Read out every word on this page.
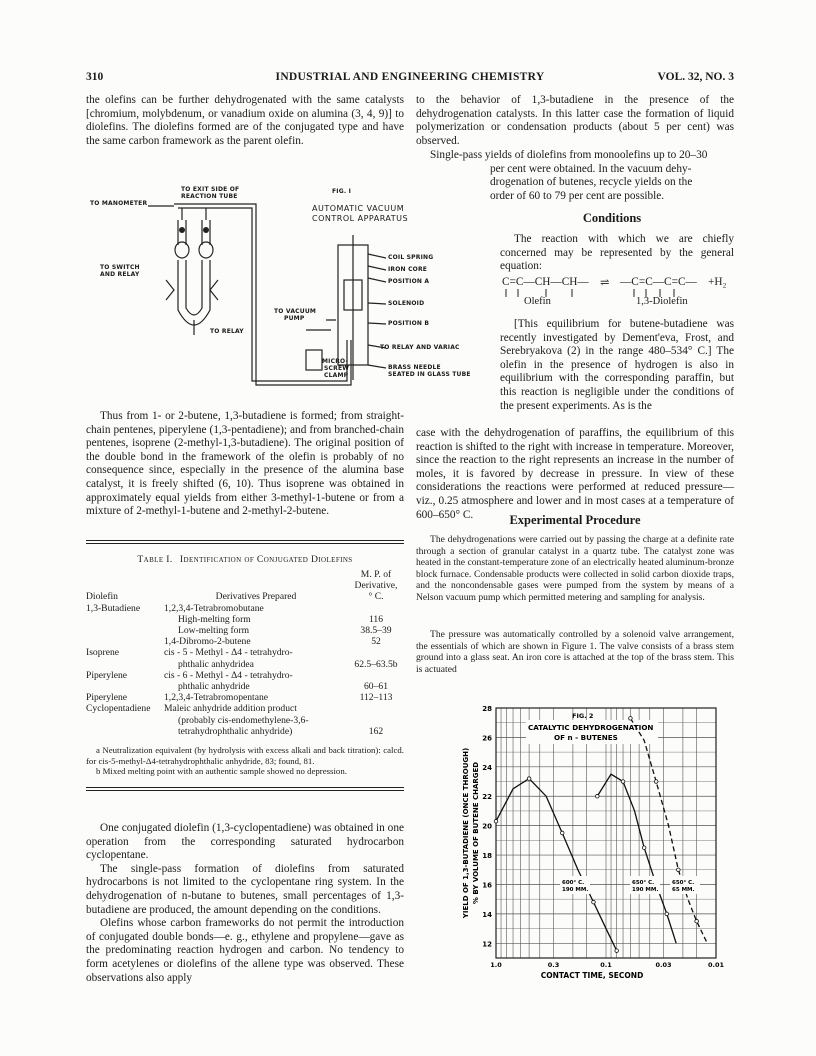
310	INDUSTRIAL AND ENGINEERING CHEMISTRY	VOL. 32, NO. 3

the olefins can be further dehydrogenated with the same catalysts [chromium, molybdenum, or vanadium oxide on alumina (3, 4, 9)] to diolefins. The diolefins formed are of the conjugated type and have the same carbon framework as the parent olefin.

TO EXIT SIDE OF
REACTION TUBE
TO MANOMETER
TO SWITCH
AND RELAY
TO RELAY
FIG. I
AUTOMATIC VACUUM
CONTROL APPARATUS
TO VACUUM
PUMP
MICRO-
SCREW
CLAMP
COIL SPRING
IRON CORE
POSITION A
SOLENOID
POSITION B
TO RELAY AND VARIAC
BRASS NEEDLE
SEATED IN GLASS TUBE

Thus from 1- or 2-butene, 1,3-butadiene is formed; from straight-chain pentenes, piperylene (1,3-pentadiene); and from branched-chain pentenes, isoprene (2-methyl-1,3-butadiene). The original position of the double bond in the framework of the olefin is probably of no consequence since, especially in the presence of the alumina base catalyst, it is freely shifted (6, 10). Thus isoprene was obtained in approximately equal yields from either 3-methyl-1-butene or from a mixture of 2-methyl-1-butene and 2-methyl-2-butene.

Table I. Identification of Conjugated Diolefins
		M. P. of
		Derivative,
Diolefin	Derivatives Prepared	° C.
1,3-Butadiene	1,2,3,4-Tetrabromobutane	
	High-melting form	116
	Low-melting form	38.5–39
	1,4-Dibromo-2-butene	52
Isoprene	cis - 5 - Methyl - Δ4 - tetrahydro-	
	phthalic anhydridea	62.5–63.5b
Piperylene	cis - 6 - Methyl - Δ4 - tetrahydro-	
	phthalic anhydride	60–61
Piperylene	1,2,3,4-Tetrabromopentane	112–113
Cyclopentadiene	Maleic anhydride addition product	
	(probably cis-endomethylene-3,6-	
	tetrahydrophthalic anhydride)	162

a Neutralization equivalent (by hydrolysis with excess alkali and back titration): calcd. for cis-5-methyl-Δ4-tetrahydrophthalic anhydride, 83; found, 81.

b Mixed melting point with an authentic sample showed no depression.

One conjugated diolefin (1,3-cyclopentadiene) was obtained in one operation from the corresponding saturated hydrocarbon cyclopentane.

The single-pass formation of diolefins from saturated hydrocarbons is not limited to the cyclopentane ring system. In the dehydrogenation of n-butane to butenes, small percentages of 1,3-butadiene are produced, the amount depending on the conditions.

Olefins whose carbon frameworks do not permit the introduction of conjugated double bonds—e. g., ethylene and propylene—gave as the predominating reaction hydrogen and carbon. No tendency to form acetylenes or diolefins of the allene type was observed. These observations also apply

to the behavior of 1,3-butadiene in the presence of the dehydrogenation catalysts. In this latter case the formation of liquid polymerization or condensation products (about 5 per cent) was observed.

Single-pass yields of diolefins from monoolefins up to 20–30

per cent were obtained. In the vacuum dehy-

drogenation of butenes, recycle yields on the

order of 60 to 79 per cent are possible.

Conditions

The reaction with which we are chiefly concerned may be represented by the general equation:

C=C—CH—CH— ⇌ —C=C—C=C— +H₂
Olefin	1,3-Diolefin

[This equilibrium for butene-butadiene was recently investigated by Dement'eva, Frost, and Serebryakova (2) in the range 480–534° C.] The olefin in the presence of hydrogen is also in equilibrium with the corresponding paraffin, but this reaction is negligible under the conditions of the present experiments. As is the

case with the dehydrogenation of paraffins, the equilibrium of this reaction is shifted to the right with increase in temperature. Moreover, since the reaction to the right represents an increase in the number of moles, it is favored by decrease in pressure. In view of these considerations the reactions were performed at reduced pressure—viz., 0.25 atmosphere and lower and in most cases at a temperature of 600–650° C.	Experimental Procedure

The dehydrogenations were carried out by passing the charge at a definite rate through a section of granular catalyst in a quartz tube. The catalyst zone was heated in the constant-temperature zone of an electrically heated aluminum-bronze block furnace. Condensable products were collected in solid carbon dioxide traps, and the noncondensable gases were pumped from the system by means of a Nelson vacuum pump which permitted metering and sampling for analysis.

The pressure was automatically controlled by a solenoid valve arrangement, the essentials of which are shown in Figure 1. The valve consists of a brass stem ground into a glass seat. An iron core is attached at the top of the brass stem. This is actuated

12
14
16
18
20
22
24
26
28
1.0	0.3	0.1	0.03	0.01
CONTACT TIME, SECOND
YIELD OF 1,3-BUTADIENE (ONCE THROUGH) % BY VOLUME OF BUTENE CHARGED
FIG. 2
CATALYTIC DEHYDROGENATION
OF n - BUTENES
600° C.
190 MM.
650° C.
190 MM.
650° C.
65 MM.
